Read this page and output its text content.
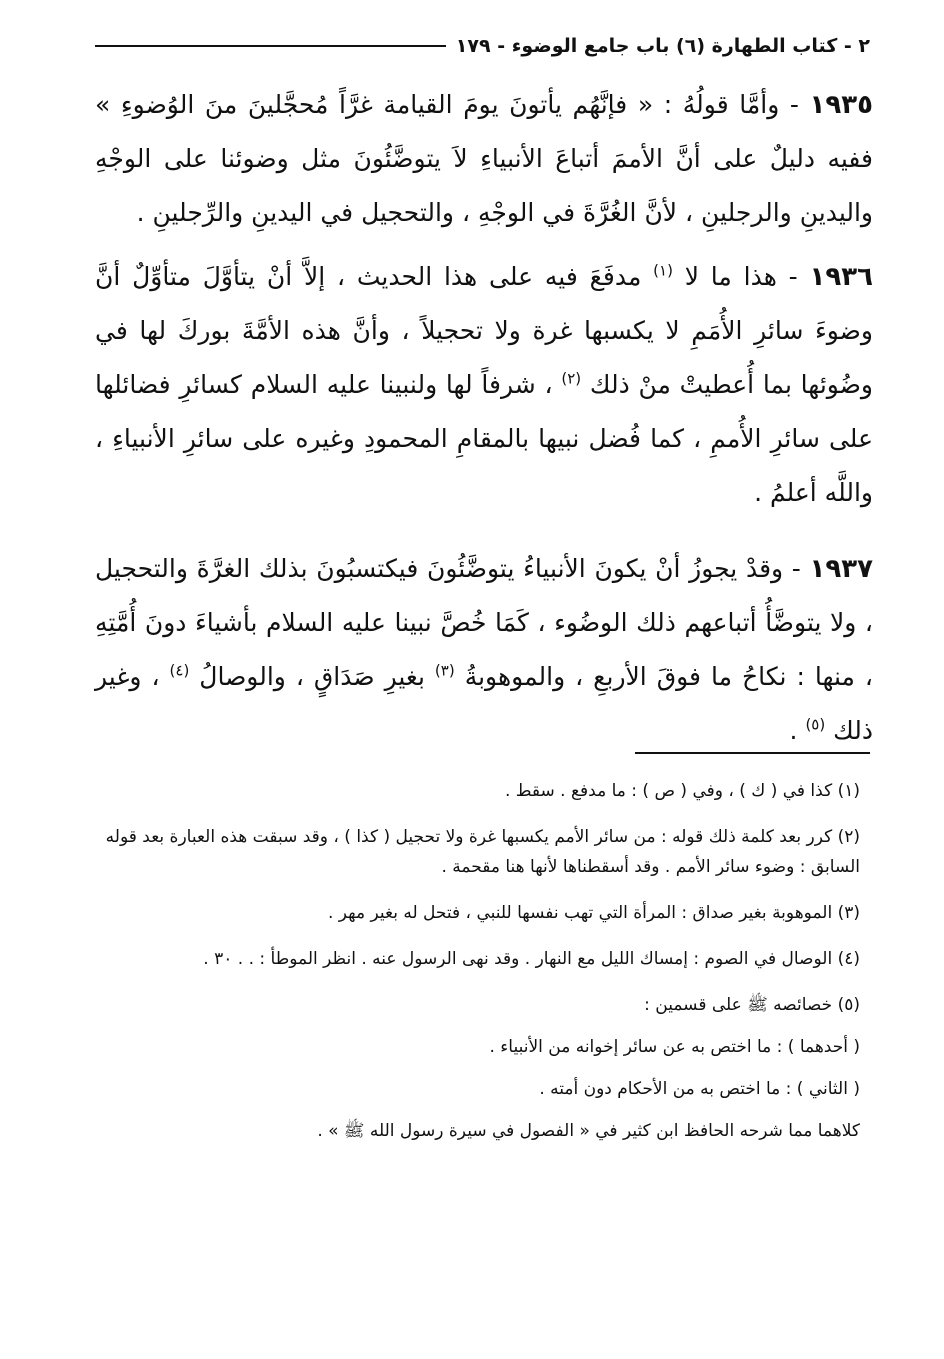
٢ - كتاب الطهارة (٦) باب جامع الوضوء - ١٧٩

١٩٣٥ - وأمَّا قولُهُ : « فإنَّهُم يأتونَ يومَ القيامة غرَّاً مُحجَّلينَ منَ الوُضوءِ » ففيه دليلٌ على أنَّ الأممَ أتباعَ الأنبياءِ لاَ يتوضَّئُونَ مثل وضوئنا على الوجْهِ واليدينِ والرجلينِ ، لأنَّ الغُرَّةَ في الوجْهِ ، والتحجيل في اليدينِ والرِّجلينِ .

١٩٣٦ - هذا ما لا $^{(١)}$ مدفَعَ فيه على هذا الحديث ، إلاَّ أنْ يتأوَّلَ متأوِّلٌ أنَّ وضوءَ سائرِ الأُمَمِ لا يكسبها غرة ولا تحجيلاً ، وأنَّ هذه الأمَّةَ بوركَ لها في وضُوئها بما أُعطيتْ منْ ذلك $^{(٢)}$ ، شرفاً لها ولنبينا عليه السلام كسائرِ فضائلها على سائرِ الأُممِ ، كما فُضل نبيها بالمقامِ المحمودِ وغيره على سائرِ الأنبياءِ ، واللَّه أعلمُ .

١٩٣٧ - وقدْ يجوزُ أنْ يكونَ الأنبياءُ يتوضَّئُونَ فيكتسبُونَ بذلك الغرَّةَ والتحجيل ، ولا يتوضَّأُ أتباعهم ذلك الوضُوء ، كَمَا خُصَّ نبينا عليه السلام بأشياءَ دونَ أُمَّتِهِ ، منها : نكاحُ ما فوقَ الأربعِ ، والموهوبةُ $^{(٣)}$ بغيرِ صَدَاقٍ ، والوصالُ $^{(٤)}$ ، وغير ذلك $^{(٥)}$ .

(١) كذا في ( ك ) ، وفي ( ص ) : ما مدفع . سقط .

(٢) كرر بعد كلمة ذلك قوله : من سائر الأمم يكسبها غرة ولا تحجيل ( كذا ) ، وقد سبقت هذه العبارة بعد قوله السابق : وضوء سائر الأمم . وقد أسقطناها لأنها هنا مقحمة .

(٣) الموهوبة بغير صداق : المرأة التي تهب نفسها للنبي ، فتحل له بغير مهر .

(٤) الوصال في الصوم : إمساك الليل مع النهار . وقد نهى الرسول عنه . انظر الموطأ : . . ٣٠ .

(٥) خصائصه ﷺ على قسمين :

( أحدهما ) : ما اختص به عن سائر إخوانه من الأنبياء .

( الثاني ) : ما اختص به من الأحكام دون أمته .

كلاهما مما شرحه الحافظ ابن كثير في « الفصول في سيرة رسول الله ﷺ » .
